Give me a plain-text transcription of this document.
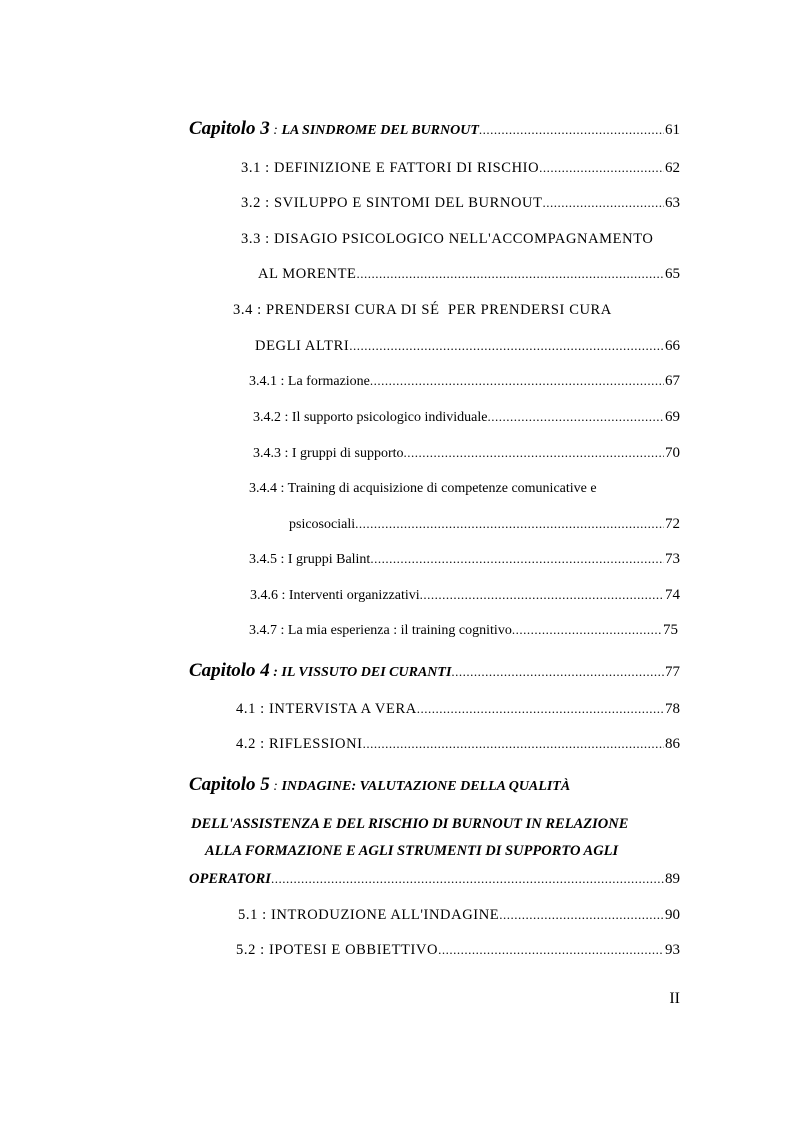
Capitolo 3 : LA SINDROME DEL BURNOUT .....	61
3.1 : DEFINIZIONE E FATTORI DI RISCHIO .....	62
3.2 : SVILUPPO E SINTOMI DEL BURNOUT .....	63
3.3 : DISAGIO PSICOLOGICO NELL'ACCOMPAGNAMENTO
AL MORENTE .....	65
3.4 : PRENDERSI CURA DI SÉ  PER PRENDERSI CURA
DEGLI ALTRI .....	66
3.4.1 : La formazione .....	67
3.4.2 : Il supporto psicologico individuale .....	69
3.4.3 : I gruppi di supporto .....	70
3.4.4 : Training di acquisizione di competenze comunicative e
psicosociali .....	72
3.4.5 : I gruppi Balint .....	73
3.4.6 : Interventi organizzativi .....	74
3.4.7 : La mia esperienza : il training cognitivo .....	75
Capitolo 4
: IL VISSUTO DEI CURANTI .....	77
4.1 : INTERVISTA A VERA .....	78
4.2 : RIFLESSIONI .....	86
Capitolo 5 : INDAGINE: VALUTAZIONE DELLA QUALITÀ
DELL'ASSISTENZA E DEL RISCHIO DI BURNOUT IN RELAZIONE
ALLA FORMAZIONE E AGLI STRUMENTI DI SUPPORTO AGLI
OPERATORI .....	89
5.1 : INTRODUZIONE ALL'INDAGINE .....	90
5.2 : IPOTESI E OBBIETTIVO .....	93
II
